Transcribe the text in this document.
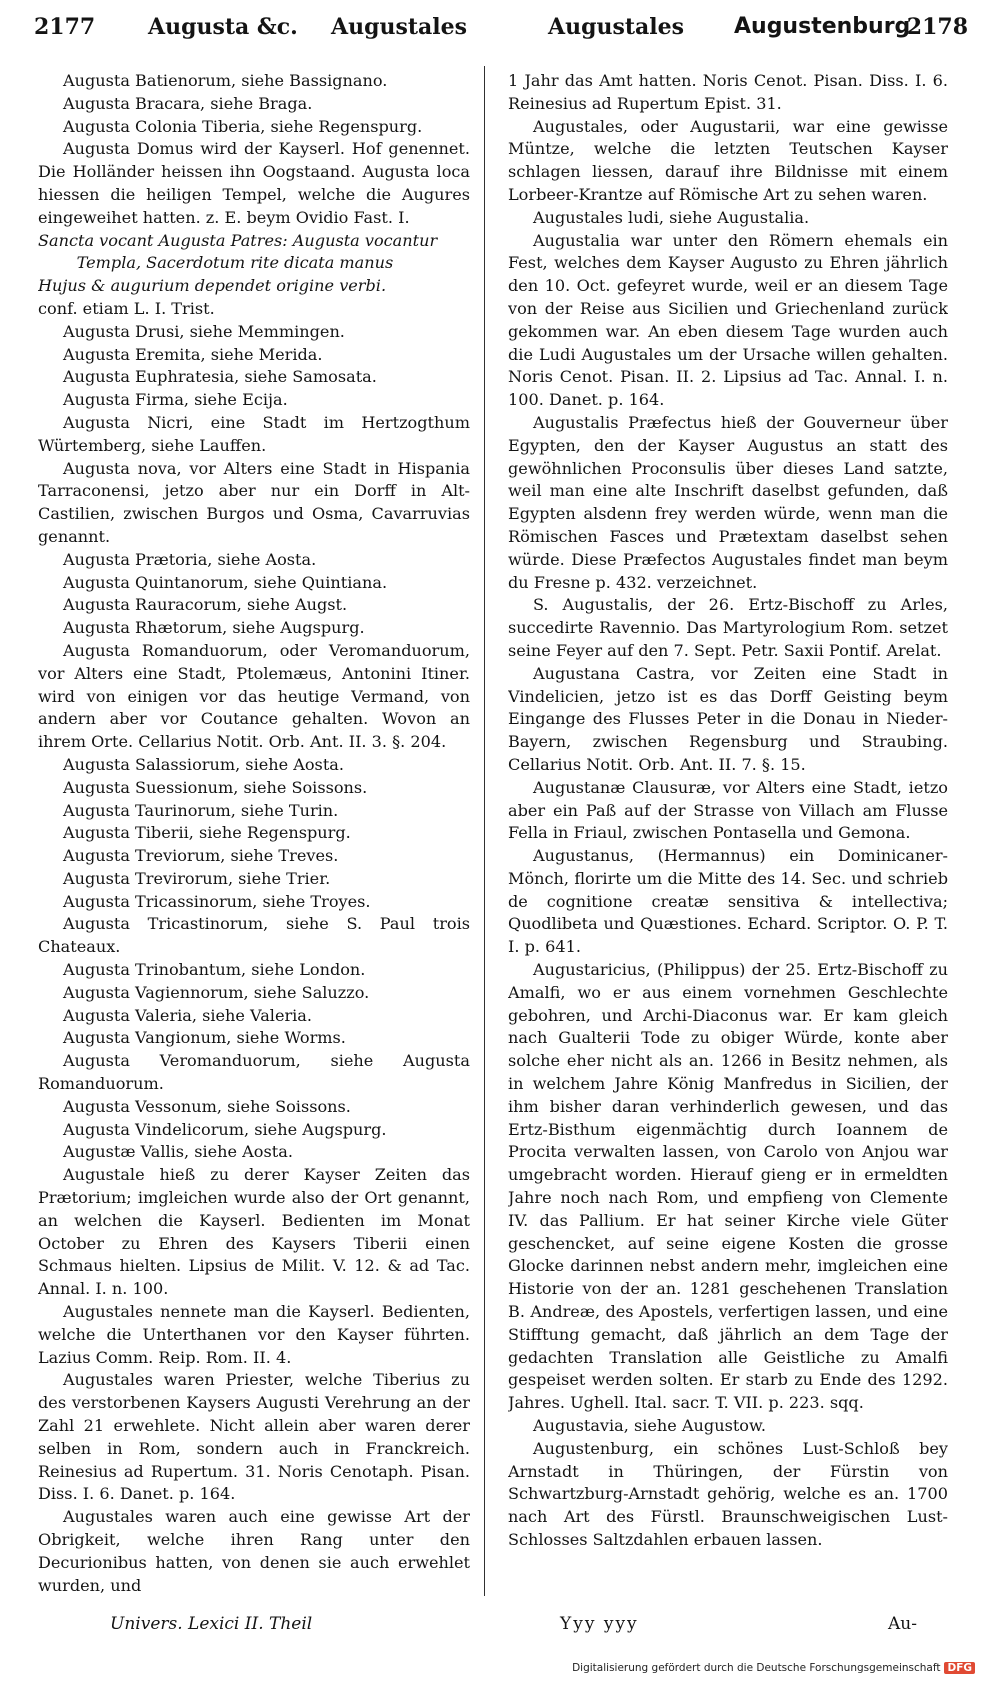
2177 Augusta &c. Augustales	Augustales Augustenburg
2178

Augusta Batienorum, siehe Bassignano.

Augusta Bracara, siehe Braga.

Augusta Colonia Tiberia, siehe Regenspurg.

Augusta Domus wird der Kayserl. Hof genennet. Die Holländer heissen ihn Oogstaand. Augusta loca hiessen die heiligen Tempel, welche die Augures eingeweihet hatten. z. E. beym Ovidio Fast. I.

Sancta vocant Augusta Patres: Augusta vocantur

Templa, Sacerdotum rite dicata manus

Hujus & augurium dependet origine verbi.

conf. etiam L. I. Trist.

Augusta Drusi, siehe Memmingen.

Augusta Eremita, siehe Merida.

Augusta Euphratesia, siehe Samosata.

Augusta Firma, siehe Ecija.

Augusta Nicri, eine Stadt im Hertzogthum Würtemberg, siehe Lauffen.

Augusta nova, vor Alters eine Stadt in Hispania Tarraconensi, jetzo aber nur ein Dorff in Alt-Castilien, zwischen Burgos und Osma, Cavarruvias genannt.

Augusta Prætoria, siehe Aosta.

Augusta Quintanorum, siehe Quintiana.

Augusta Rauracorum, siehe Augst.

Augusta Rhætorum, siehe Augspurg.

Augusta Romanduorum, oder Veromanduorum, vor Alters eine Stadt, Ptolemæus, Antonini Itiner. wird von einigen vor das heutige Vermand, von andern aber vor Coutance gehalten. Wovon an ihrem Orte. Cellarius Notit. Orb. Ant. II. 3. §. 204.

Augusta Salassiorum, siehe Aosta.

Augusta Suessionum, siehe Soissons.

Augusta Taurinorum, siehe Turin.

Augusta Tiberii, siehe Regenspurg.

Augusta Treviorum, siehe Treves.

Augusta Trevirorum, siehe Trier.

Augusta Tricassinorum, siehe Troyes.

Augusta Tricastinorum, siehe S. Paul trois Chateaux.

Augusta Trinobantum, siehe London.

Augusta Vagiennorum, siehe Saluzzo.

Augusta Valeria, siehe Valeria.

Augusta Vangionum, siehe Worms.

Augusta Veromanduorum, siehe Augusta Romanduorum.

Augusta Vessonum, siehe Soissons.

Augusta Vindelicorum, siehe Augspurg.

Augustæ Vallis, siehe Aosta.

Augustale hieß zu derer Kayser Zeiten das Prætorium; imgleichen wurde also der Ort genannt, an welchen die Kayserl. Bedienten im Monat October zu Ehren des Kaysers Tiberii einen Schmaus hielten. Lipsius de Milit. V. 12. & ad Tac. Annal. I. n. 100.

Augustales nennete man die Kayserl. Bedienten, welche die Unterthanen vor den Kayser führten. Lazius Comm. Reip. Rom. II. 4.

Augustales waren Priester, welche Tiberius zu des verstorbenen Kaysers Augusti Verehrung an der Zahl 21 erwehlete. Nicht allein aber waren derer selben in Rom, sondern auch in Franckreich. Reinesius ad Rupertum. 31. Noris Cenotaph. Pisan. Diss. I. 6. Danet. p. 164.

Augustales waren auch eine gewisse Art der Obrigkeit, welche ihren Rang unter den Decurionibus hatten, von denen sie auch erwehlet wurden, und

1 Jahr das Amt hatten. Noris Cenot. Pisan. Diss. I. 6. Reinesius ad Rupertum Epist. 31.

Augustales, oder Augustarii, war eine gewisse Müntze, welche die letzten Teutschen Kayser schlagen liessen, darauf ihre Bildnisse mit einem Lorbeer-Krantze auf Römische Art zu sehen waren.

Augustales ludi, siehe Augustalia.

Augustalia war unter den Römern ehemals ein Fest, welches dem Kayser Augusto zu Ehren jährlich den 10. Oct. gefeyret wurde, weil er an diesem Tage von der Reise aus Sicilien und Griechenland zurück gekommen war. An eben diesem Tage wurden auch die Ludi Augustales um der Ursache willen gehalten. Noris Cenot. Pisan. II. 2. Lipsius ad Tac. Annal. I. n. 100. Danet. p. 164.

Augustalis Præfectus hieß der Gouverneur über Egypten, den der Kayser Augustus an statt des gewöhnlichen Proconsulis über dieses Land satzte, weil man eine alte Inschrift daselbst gefunden, daß Egypten alsdenn frey werden würde, wenn man die Römischen Fasces und Prætextam daselbst sehen würde. Diese Præfectos Augustales findet man beym du Fresne p. 432. verzeichnet.

S. Augustalis, der 26. Ertz-Bischoff zu Arles, succedirte Ravennio. Das Martyrologium Rom. setzet seine Feyer auf den 7. Sept. Petr. Saxii Pontif. Arelat.

Augustana Castra, vor Zeiten eine Stadt in Vindelicien, jetzo ist es das Dorff Geisting beym Eingange des Flusses Peter in die Donau in Nieder-Bayern, zwischen Regensburg und Straubing. Cellarius Notit. Orb. Ant. II. 7. §. 15.

Augustanæ Clausuræ, vor Alters eine Stadt, ietzo aber ein Paß auf der Strasse von Villach am Flusse Fella in Friaul, zwischen Pontasella und Gemona.

Augustanus, (Hermannus) ein Dominicaner-Mönch, florirte um die Mitte des 14. Sec. und schrieb de cognitione creatæ sensitiva & intellectiva; Quodlibeta und Quæstiones. Echard. Scriptor. O. P. T. I. p. 641.

Augustaricius, (Philippus) der 25. Ertz-Bischoff zu Amalfi, wo er aus einem vornehmen Geschlechte gebohren, und Archi-Diaconus war. Er kam gleich nach Gualterii Tode zu obiger Würde, konte aber solche eher nicht als an. 1266 in Besitz nehmen, als in welchem Jahre König Manfredus in Sicilien, der ihm bisher daran verhinderlich gewesen, und das Ertz-Bisthum eigenmächtig durch Ioannem de Procita verwalten lassen, von Carolo von Anjou war umgebracht worden. Hierauf gieng er in ermeldten Jahre noch nach Rom, und empfieng von Clemente IV. das Pallium. Er hat seiner Kirche viele Güter geschencket, auf seine eigene Kosten die grosse Glocke darinnen nebst andern mehr, imgleichen eine Historie von der an. 1281 geschehenen Translation B. Andreæ, des Apostels, verfertigen lassen, und eine Stifftung gemacht, daß jährlich an dem Tage der gedachten Translation alle Geistliche zu Amalfi gespeiset werden solten. Er starb zu Ende des 1292. Jahres. Ughell. Ital. sacr. T. VII. p. 223. sqq.

Augustavia, siehe Augustow.

Augustenburg, ein schönes Lust-Schloß bey Arnstadt in Thüringen, der Fürstin von Schwartzburg-Arnstadt gehörig, welche es an. 1700 nach Art des Fürstl. Braunschweigischen Lust-Schlosses Saltzdahlen erbauen lassen.

Univers. Lexici II. Theil	Yyy yyy	Au-
Digitalisierung gefördert durch die Deutsche Forschungsgemeinschaft DFG
